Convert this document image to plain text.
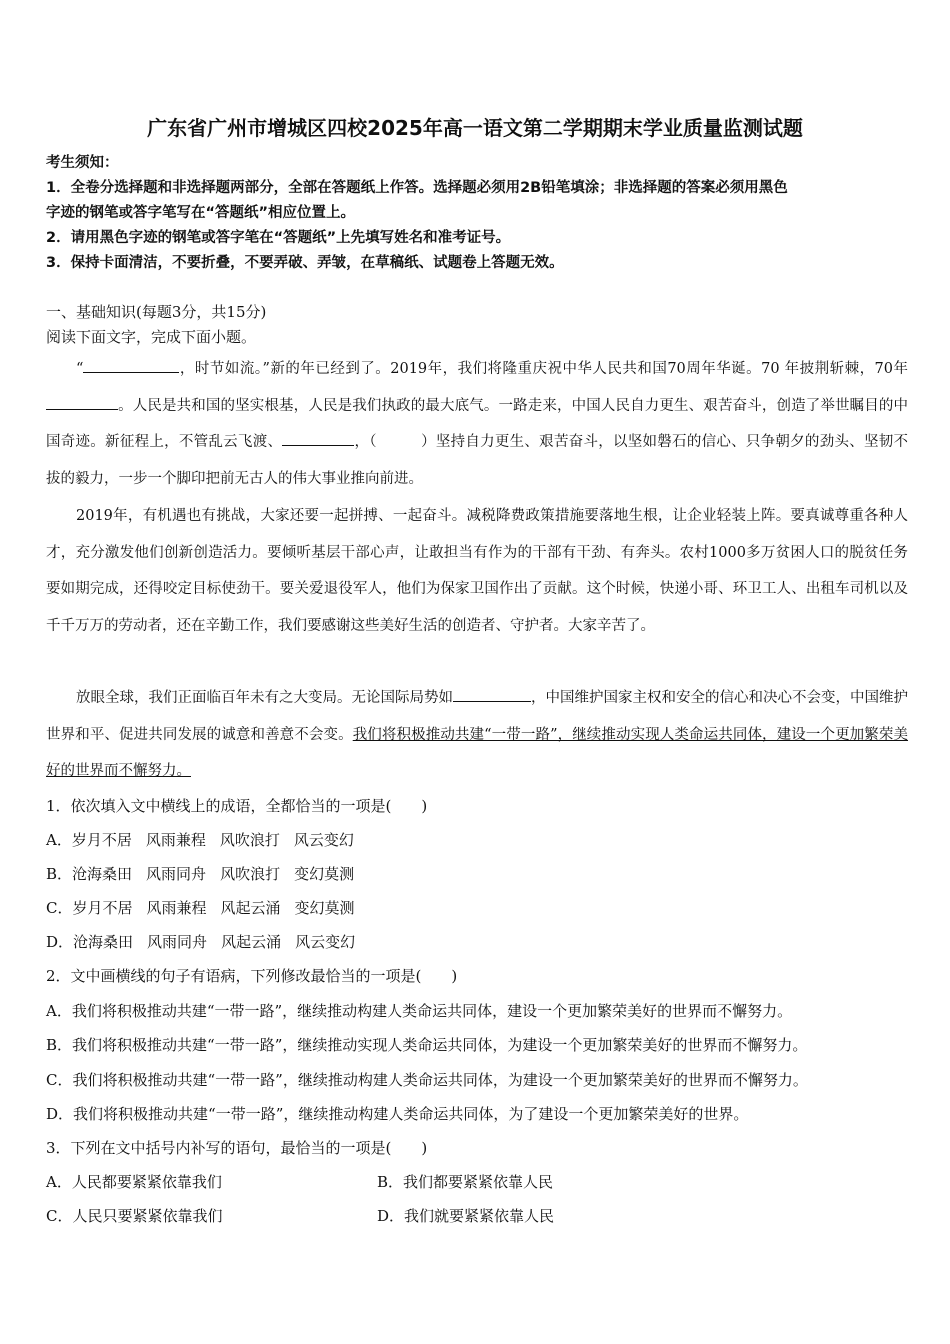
广东省广州市增城区四校2025年高一语文第二学期期末学业质量监测试题
考生须知：
1．全卷分选择题和非选择题两部分，全部在答题纸上作答。选择题必须用2B铅笔填涂；非选择题的答案必须用黑色
字迹的钢笔或答字笔写在“答题纸”相应位置上。
2．请用黑色字迹的钢笔或答字笔在“答题纸”上先填写姓名和准考证号。
3．保持卡面清洁，不要折叠，不要弄破、弄皱，在草稿纸、试题卷上答题无效。
一、基础知识(每题3分，共15分)
阅读下面文字，完成下面小题。
“	，时节如流。”新的年已经到了。2019年，我们将隆重庆祝中华人民共和国70周年华诞。70 年披荆斩棘，70年。人民是共和国的坚实根基，人民是我们执政的最大底气。一路走来，中国人民自力更生、艰苦奋斗，创造了举世瞩目的中国奇迹。新征程上，不管乱云飞渡、	，（　　　）坚持自力更生、艰苦奋斗，以坚如磐石的信心、只争朝夕的劲头、坚韧不拔的毅力，一步一个脚印把前无古人的伟大事业推向前进。
2019年，有机遇也有挑战，大家还要一起拼搏、一起奋斗。减税降费政策措施要落地生根，让企业轻装上阵。要真诚尊重各种人才，充分激发他们创新创造活力。要倾听基层干部心声，让敢担当有作为的干部有干劲、有奔头。农村1000多万贫困人口的脱贫任务要如期完成，还得咬定目标使劲干。要关爱退役军人，他们为保家卫国作出了贡献。这个时候，快递小哥、环卫工人、出租车司机以及千千万万的劳动者，还在辛勤工作，我们要感谢这些美好生活的创造者、守护者。大家辛苦了。
放眼全球，我们正面临百年未有之大变局。无论国际局势如	，中国维护国家主权和安全的信心和决心不会变，中国维护世界和平、促进共同发展的诚意和善意不会变。我们将积极推动共建“一带一路”，继续推动实现人类命运共同体，建设一个更加繁荣美好的世界而不懈努力。
1．依次填入文中横线上的成语，全都恰当的一项是(　　)
A．岁月不居 风雨兼程 风吹浪打 风云变幻
B．沧海桑田 风雨同舟 风吹浪打 变幻莫测
C．岁月不居 风雨兼程 风起云涌 变幻莫测
D．沧海桑田 风雨同舟 风起云涌 风云变幻
2．文中画横线的句子有语病，下列修改最恰当的一项是(　　)
A．我们将积极推动共建“一带一路”，继续推动构建人类命运共同体，建设一个更加繁荣美好的世界而不懈努力。
B．我们将积极推动共建“一带一路”，继续推动实现人类命运共同体，为建设一个更加繁荣美好的世界而不懈努力。
C．我们将积极推动共建“一带一路”，继续推动构建人类命运共同体，为建设一个更加繁荣美好的世界而不懈努力。
D．我们将积极推动共建“一带一路”，继续推动构建人类命运共同体，为了建设一个更加繁荣美好的世界。
3．下列在文中括号内补写的语句，最恰当的一项是(　　)
A．人民都要紧紧依靠我们	B．我们都要紧紧依靠人民
C．人民只要紧紧依靠我们	D．我们就要紧紧依靠人民
